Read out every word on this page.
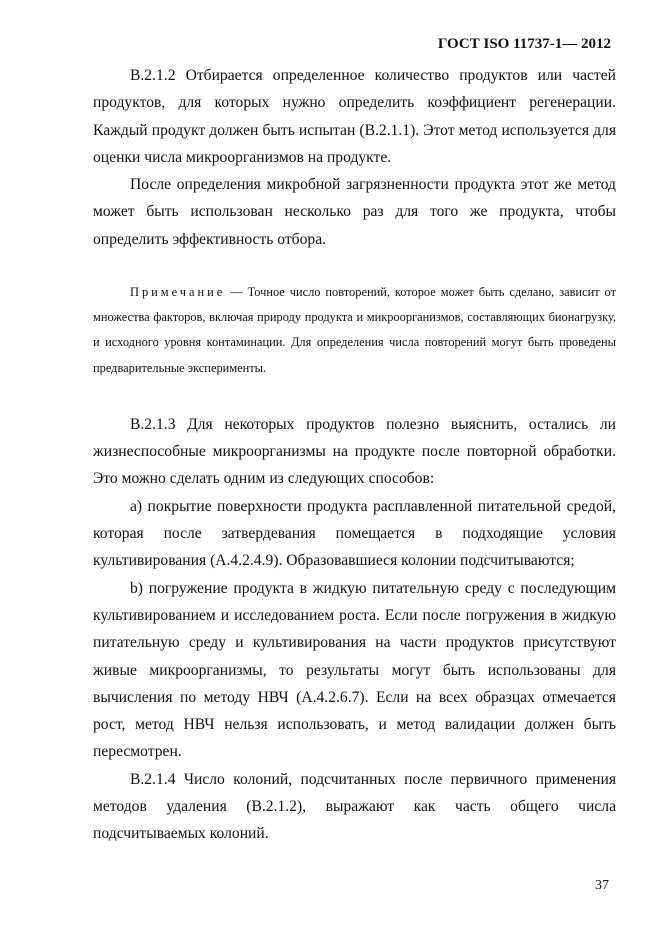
ГОСТ ISO 11737-1— 2012

В.2.1.2 Отбирается определенное количество продуктов или частей продуктов, для которых нужно определить коэффициент регенерации. Каждый продукт должен быть испытан (В.2.1.1). Этот метод используется для оценки числа микроорганизмов на продукте.

После определения микробной загрязненности продукта этот же метод может быть использован несколько раз для того же продукта, чтобы определить эффективность отбора.

Примечание — Точное число повторений, которое может быть сделано, зависит от множества факторов, включая природу продукта и микроорганизмов, составляющих бионагрузку, и исходного уровня контаминации. Для определения числа повторений могут быть проведены предварительные эксперименты.

В.2.1.3 Для некоторых продуктов полезно выяснить, остались ли жизнеспособные микроорганизмы на продукте после повторной обработки. Это можно сделать одним из следующих способов:

а) покрытие поверхности продукта расплавленной питательной средой, которая после затвердевания помещается в подходящие условия культивирования (А.4.2.4.9). Образовавшиеся колонии подсчитываются;

b) погружение продукта в жидкую питательную среду с последующим культивированием и исследованием роста. Если после погружения в жидкую питательную среду и культивирования на части продуктов присутствуют живые микроорганизмы, то результаты могут быть использованы для вычисления по методу НВЧ (А.4.2.6.7). Если на всех образцах отмечается рост, метод НВЧ нельзя использовать, и метод валидации должен быть пересмотрен.

В.2.1.4 Число колоний, подсчитанных после первичного применения методов удаления (В.2.1.2), выражают как часть общего числа подсчитываемых колоний.

37
